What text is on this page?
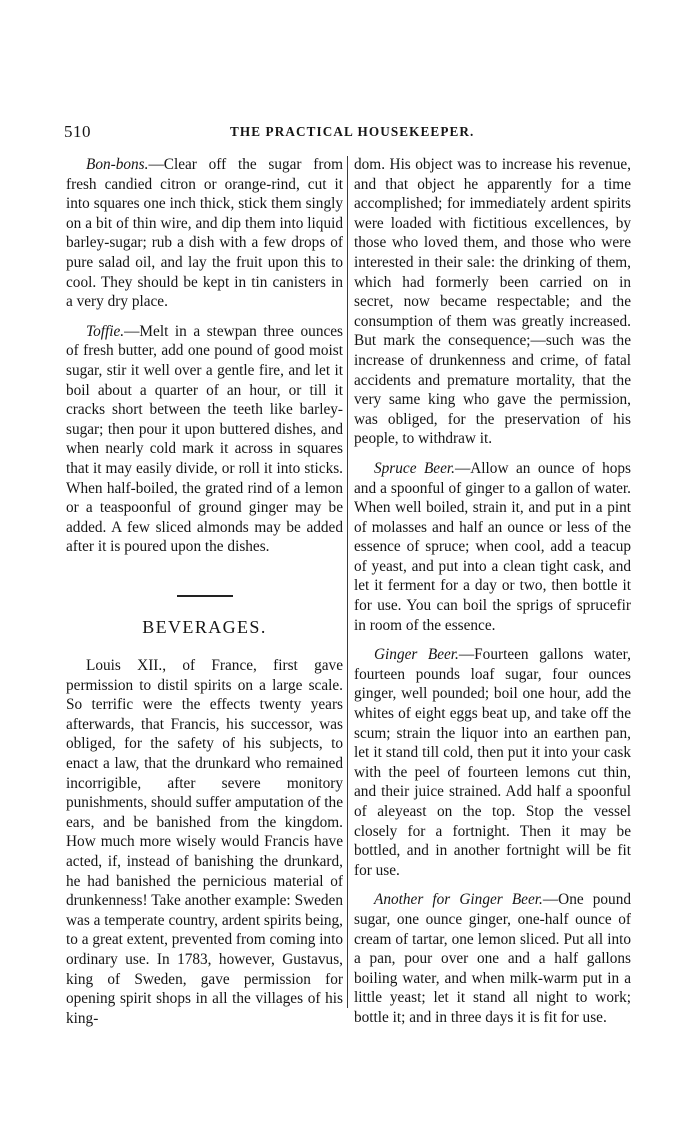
510	THE PRACTICAL HOUSEKEEPER.

Bon-bons.—Clear off the sugar from fresh candied citron or orange-rind, cut it into squares one inch thick, stick them singly on a bit of thin wire, and dip them into liquid barley-sugar; rub a dish with a few drops of pure salad oil, and lay the fruit upon this to cool. They should be kept in tin canisters in a very dry place.

Toffie.—Melt in a stewpan three ounces of fresh butter, add one pound of good moist sugar, stir it well over a gentle fire, and let it boil about a quarter of an hour, or till it cracks short between the teeth like barley-sugar; then pour it upon buttered dishes, and when nearly cold mark it across in squares that it may easily divide, or roll it into sticks. When half-boiled, the grated rind of a lemon or a teaspoonful of ground ginger may be added. A few sliced almonds may be added after it is poured upon the dishes.

BEVERAGES.

Louis XII., of France, first gave permission to distil spirits on a large scale. So terrific were the effects twenty years afterwards, that Francis, his successor, was obliged, for the safety of his subjects, to enact a law, that the drunkard who remained incorrigible, after severe monitory punishments, should suffer amputation of the ears, and be banished from the kingdom. How much more wisely would Francis have acted, if, instead of banishing the drunkard, he had banished the pernicious material of drunkenness! Take another example: Sweden was a temperate country, ardent spirits being, to a great extent, prevented from coming into ordinary use. In 1783, however, Gustavus, king of Sweden, gave permission for opening spirit shops in all the villages of his king-

dom. His object was to increase his revenue, and that object he apparently for a time accomplished; for immediately ardent spirits were loaded with fictitious excellences, by those who loved them, and those who were interested in their sale: the drinking of them, which had formerly been carried on in secret, now became respectable; and the consumption of them was greatly increased. But mark the consequence;—such was the increase of drunkenness and crime, of fatal accidents and premature mortality, that the very same king who gave the permission, was obliged, for the preservation of his people, to withdraw it.

Spruce Beer.—Allow an ounce of hops and a spoonful of ginger to a gallon of water. When well boiled, strain it, and put in a pint of molasses and half an ounce or less of the essence of spruce; when cool, add a teacup of yeast, and put into a clean tight cask, and let it ferment for a day or two, then bottle it for use. You can boil the sprigs of sprucefir in room of the essence.

Ginger Beer.—Fourteen gallons water, fourteen pounds loaf sugar, four ounces ginger, well pounded; boil one hour, add the whites of eight eggs beat up, and take off the scum; strain the liquor into an earthen pan, let it stand till cold, then put it into your cask with the peel of fourteen lemons cut thin, and their juice strained. Add half a spoonful of aleyeast on the top. Stop the vessel closely for a fortnight. Then it may be bottled, and in another fortnight will be fit for use.

Another for Ginger Beer.—One pound sugar, one ounce ginger, one-half ounce of cream of tartar, one lemon sliced. Put all into a pan, pour over one and a half gallons boiling water, and when milk-warm put in a little yeast; let it stand all night to work; bottle it; and in three days it is fit for use.
